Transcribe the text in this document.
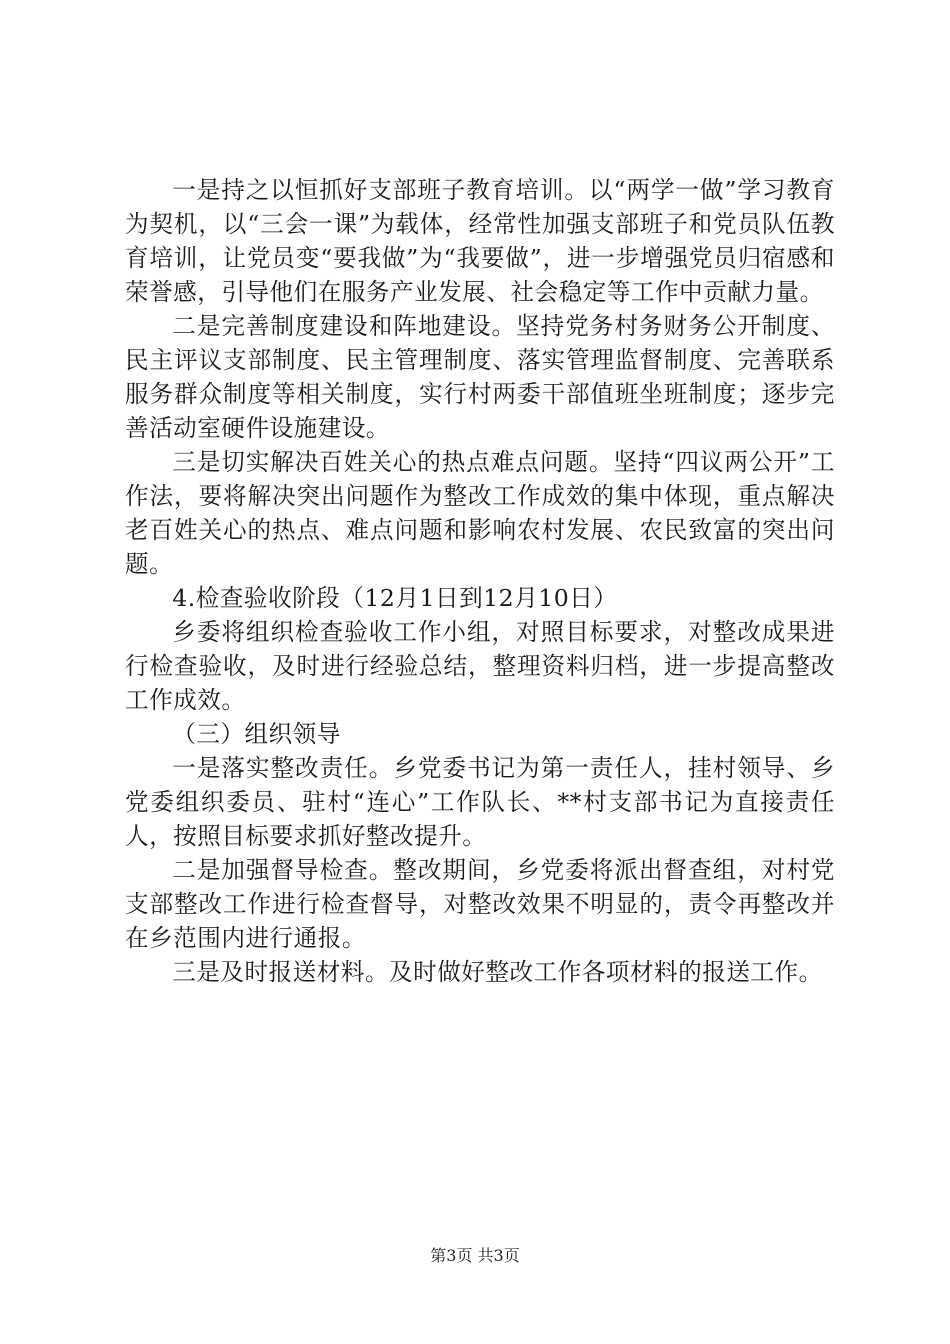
一是持之以恒抓好支部班子教育培训。以“两学一做”学习教育为契机，以“三会一课”为载体，经常性加强支部班子和党员队伍教育培训，让党员变“要我做”为“我要做”，进一步增强党员归宿感和荣誉感，引导他们在服务产业发展、社会稳定等工作中贡献力量。

二是完善制度建设和阵地建设。坚持党务村务财务公开制度、民主评议支部制度、民主管理制度、落实管理监督制度、完善联系服务群众制度等相关制度，实行村两委干部值班坐班制度；逐步完善活动室硬件设施建设。

三是切实解决百姓关心的热点难点问题。坚持“四议两公开”工作法，要将解决突出问题作为整改工作成效的集中体现，重点解决老百姓关心的热点、难点问题和影响农村发展、农民致富的突出问题。

4.检查验收阶段（12月1日到12月10日）

乡委将组织检查验收工作小组，对照目标要求，对整改成果进行检查验收，及时进行经验总结，整理资料归档，进一步提高整改工作成效。

（三）组织领导

一是落实整改责任。乡党委书记为第一责任人，挂村领导、乡党委组织委员、驻村“连心”工作队长、**村支部书记为直接责任人，按照目标要求抓好整改提升。

二是加强督导检查。整改期间，乡党委将派出督查组，对村党支部整改工作进行检查督导，对整改效果不明显的，责令再整改并在乡范围内进行通报。

三是及时报送材料。及时做好整改工作各项材料的报送工作。

第3页 共3页
